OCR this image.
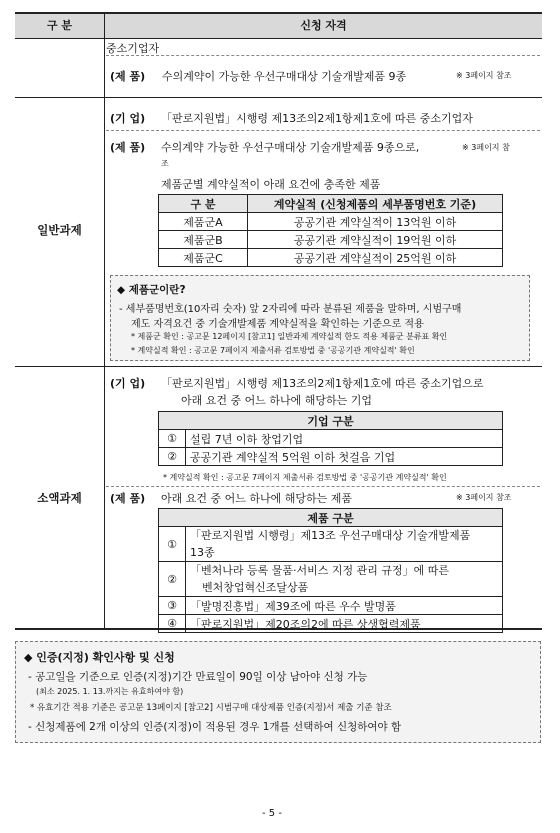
구 분	신청 자격
중소기업자
(제 품) 수의계약이 가능한 우선구매대상 기술개발제품 9종	※ 3페이지 참조
일반과제
(기 업) 「판로지원법」시행령 제13조의2제1항제1호에 따른 중소기업자
(제 품) 수의계약 가능한 우선구매대상 기술개발제품 9종으로,	※ 3페이지 참
조
제품군별 계약실적이 아래 요건에 충족한 제품
구 분	계약실적 (신청제품의 세부품명번호 기준)
제품군A	공공기관 계약실적이 13억원 이하
제품군B	공공기관 계약실적이 19억원 이하
제품군C	공공기관 계약실적이 25억원 이하
◆ 제품군이란?
- 세부품명번호(10자리 숫자) 앞 2자리에 따라 분류된 제품을 말하며, 시범구매
제도 자격요건 중 기술개발제품 계약실적을 확인하는 기준으로 적용
* 제품군 확인 : 공고문 12페이지 [참고1] 일반과제 계약실적 한도 적용 제품군 분류표 확인
* 계약실적 확인 : 공고문 7페이지 제출서류 검토방법 중 '공공기관 계약실적' 확인
소액과제
(기 업) 「판로지원법」시행령 제13조의2제1항제1호에 따른 중소기업으로
아래 요건 중 어느 하나에 해당하는 기업
기업 구분	
①	설립 7년 이하 창업기업
②	공공기관 계약실적 5억원 이하 첫걸음 기업
* 계약실적 확인 : 공고문 7페이지 제출서류 검토방법 중 '공공기관 계약실적' 확인
(제 품) 아래 요건 중 어느 하나에 해당하는 제품	※ 3페이지 참조
제품 구분	
①	「판로지원법 시행령」제13조 우선구매대상 기술개발제품
13종

②	「벤처나라 등록 물품·서비스 지정 관리 규정」에 따른
벤처창업혁신조달상품

③	「발명진흥법」제39조에 따른 우수 발명품
④	「판로지원법」제20조의2에 따른 상생협력제품
◆ 인증(지정) 확인사항 및 신청
- 공고일을 기준으로 인증(지정)기간 만료일이 90일 이상 남아야 신청 가능
(최소 2025. 1. 13.까지는 유효하여야 함)
* 유효기간 적용 기준은 공고문 13페이지 [참고2] 시범구매 대상제품 인증(지정)서 제출 기준 참조
- 신청제품에 2개 이상의 인증(지정)이 적용된 경우 1개를 선택하여 신청하여야 함
- 5 -
